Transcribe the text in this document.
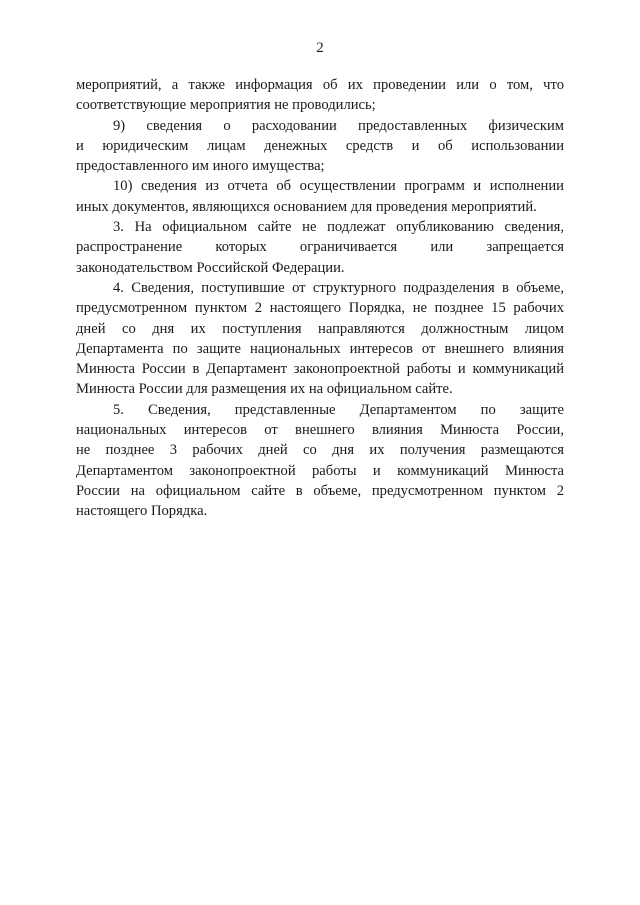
2
мероприятий, а также информация об их проведении или о том, что
соответствующие мероприятия не проводились;
9) сведения о расходовании предоставленных физическим
и юридическим лицам денежных средств и об использовании
предоставленного им иного имущества;
10) сведения из отчета об осуществлении программ и исполнении
иных документов, являющихся основанием для проведения мероприятий.
3. На официальном сайте не подлежат опубликованию сведения,
распространение которых ограничивается или запрещается
законодательством Российской Федерации.
4. Сведения, поступившие от структурного подразделения в объеме,
предусмотренном пунктом 2 настоящего Порядка, не позднее 15 рабочих
дней со дня их поступления направляются должностным лицом
Департамента по защите национальных интересов от внешнего влияния
Минюста России в Департамент законопроектной работы и коммуникаций
Минюста России для размещения их на официальном сайте.
5. Сведения, представленные Департаментом по защите
национальных интересов от внешнего влияния Минюста России,
не позднее 3 рабочих дней со дня их получения размещаются
Департаментом законопроектной работы и коммуникаций Минюста
России на официальном сайте в объеме, предусмотренном пунктом 2
настоящего Порядка.
